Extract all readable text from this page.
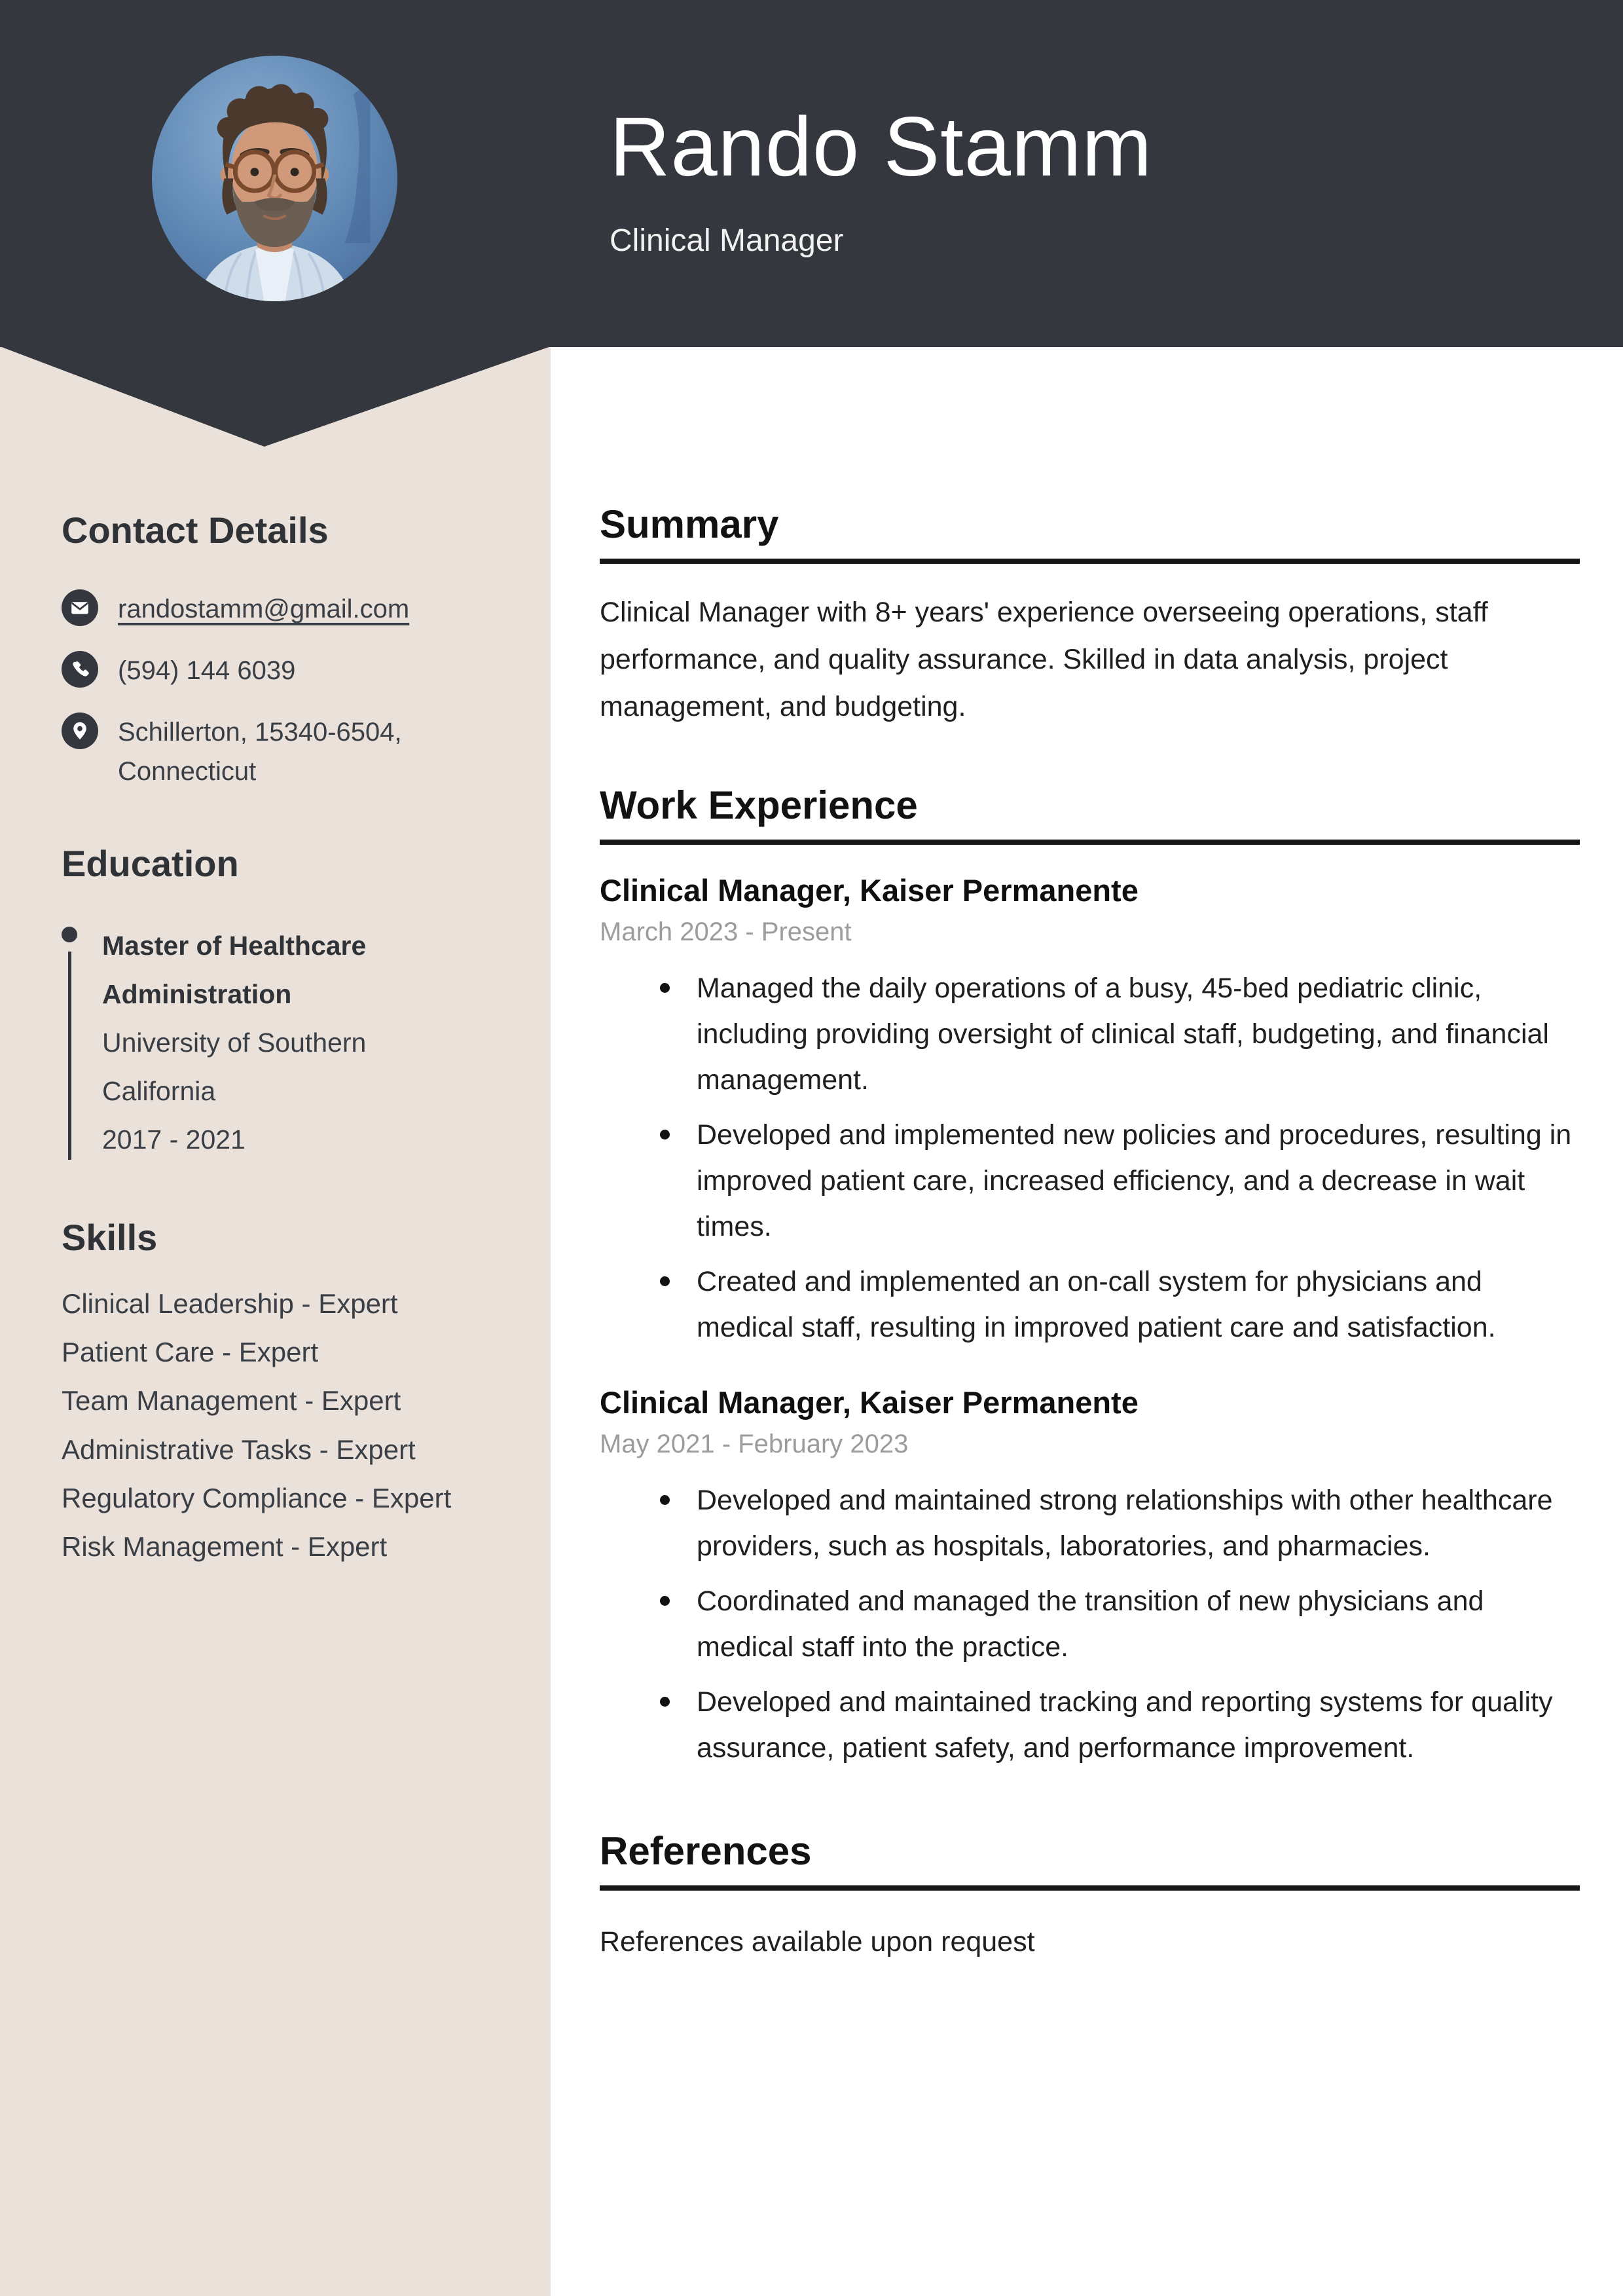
Rando Stamm
Clinical Manager
Contact Details
randostamm@gmail.com
(594) 144 6039
Schillerton, 15340-6504,
Connecticut
Education
Master of Healthcare Administration
University of Southern California
2017 - 2021
Skills
Clinical Leadership - Expert
Patient Care - Expert
Team Management - Expert
Administrative Tasks - Expert
Regulatory Compliance - Expert
Risk Management - Expert
Summary

Clinical Manager with 8+ years' experience overseeing operations, staff performance, and quality assurance. Skilled in data analysis, project management, and budgeting.

Work Experience
Clinical Manager, Kaiser Permanente
March 2023 - Present
Managed the daily operations of a busy, 45-bed pediatric clinic, including providing oversight of clinical staff, budgeting, and financial management.
Developed and implemented new policies and procedures, resulting in improved patient care, increased efficiency, and a decrease in wait times.
Created and implemented an on-call system for physicians and medical staff, resulting in improved patient care and satisfaction.
Clinical Manager, Kaiser Permanente
May 2021 - February 2023
Developed and maintained strong relationships with other healthcare providers, such as hospitals, laboratories, and pharmacies.
Coordinated and managed the transition of new physicians and medical staff into the practice.
Developed and maintained tracking and reporting systems for quality assurance, patient safety, and performance improvement.
References

References available upon request
